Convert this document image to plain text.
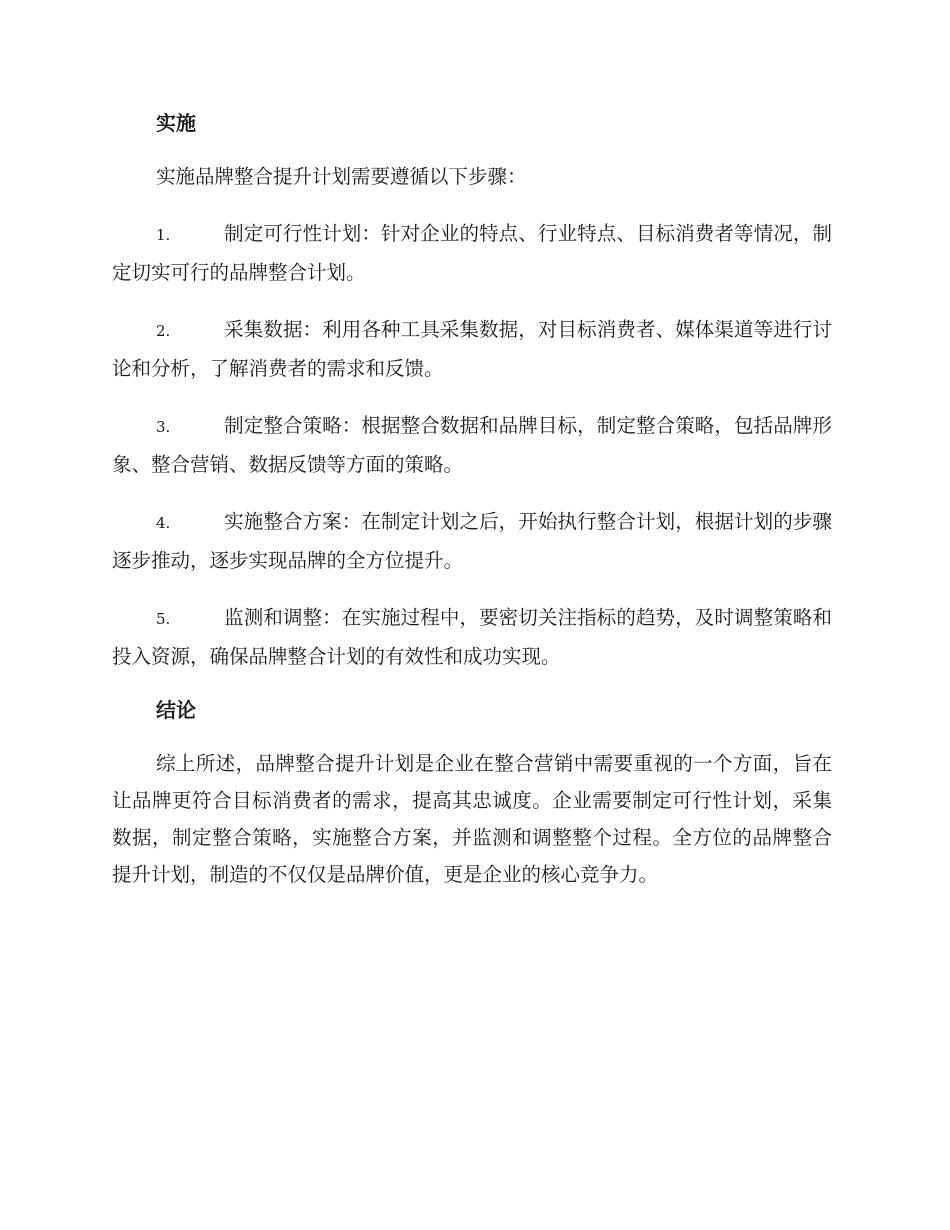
实施
实施品牌整合提升计划需要遵循以下步骤：
1.	制定可行性计划：针对企业的特点、行业特点、目标消费者等情况，制定切实可行的品牌整合计划。
2.	采集数据：利用各种工具采集数据，对目标消费者、媒体渠道等进行讨论和分析，了解消费者的需求和反馈。
3.	制定整合策略：根据整合数据和品牌目标，制定整合策略，包括品牌形象、整合营销、数据反馈等方面的策略。
4.	实施整合方案：在制定计划之后，开始执行整合计划，根据计划的步骤逐步推动，逐步实现品牌的全方位提升。
5.	监测和调整：在实施过程中，要密切关注指标的趋势，及时调整策略和投入资源，确保品牌整合计划的有效性和成功实现。
结论
综上所述，品牌整合提升计划是企业在整合营销中需要重视的一个方面，旨在让品牌更符合目标消费者的需求，提高其忠诚度。企业需要制定可行性计划，采集数据，制定整合策略，实施整合方案，并监测和调整整个过程。全方位的品牌整合提升计划，制造的不仅仅是品牌价值，更是企业的核心竞争力。
